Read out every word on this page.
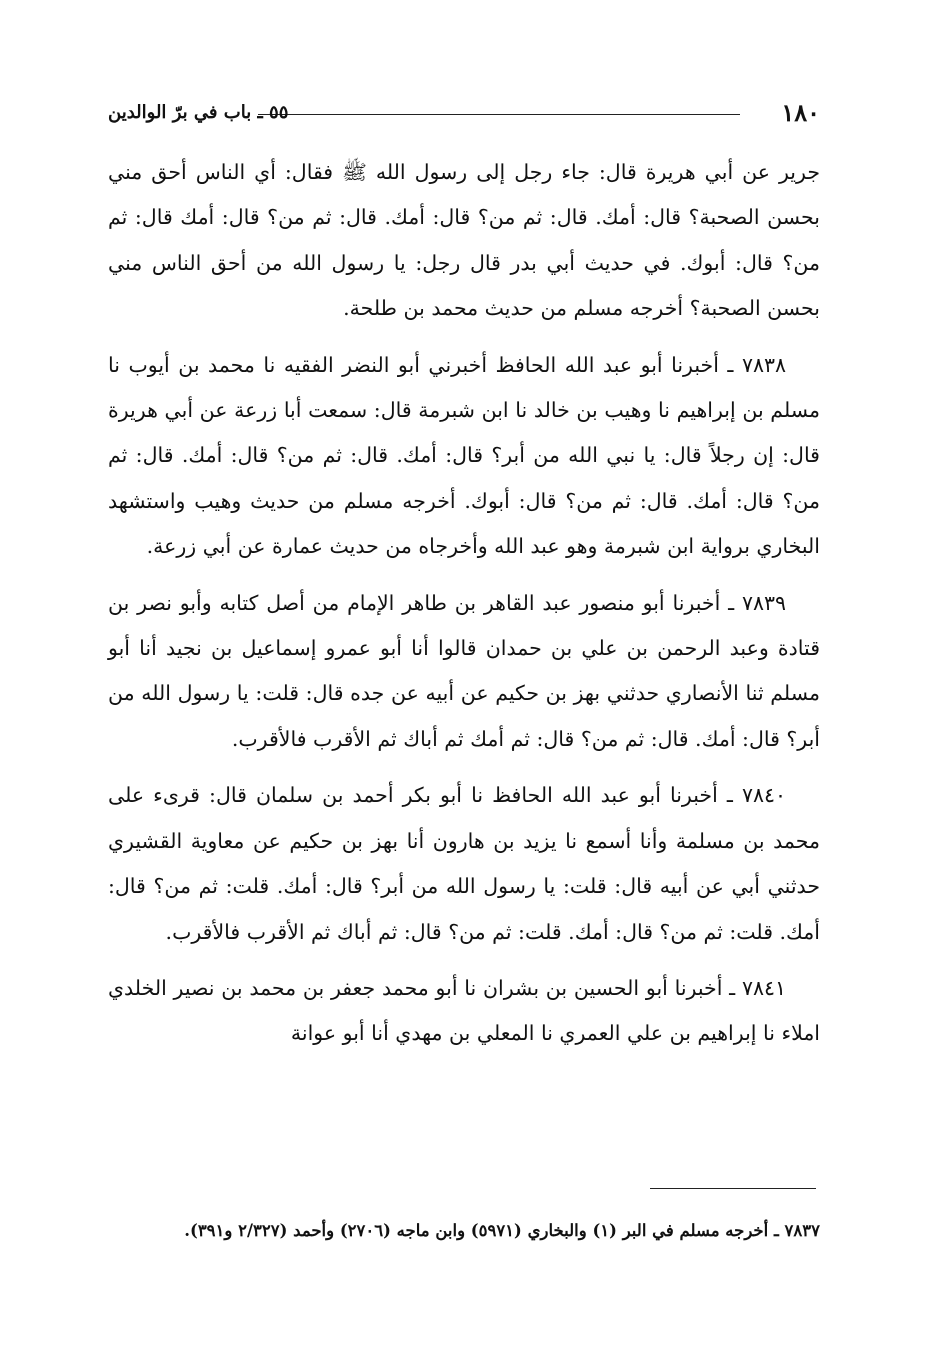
١٨٠
٥٥ ـ باب في برّ الوالدين

جرير عن أبي هريرة قال: جاء رجل إلى رسول الله ﷺ فقال: أي الناس أحق مني بحسن الصحبة؟ قال: أمك. قال: ثم من؟ قال: أمك. قال: ثم من؟ قال: أمك قال: ثم من؟ قال: أبوك. في حديث أبي بدر قال رجل: يا رسول الله من أحق الناس مني بحسن الصحبة؟ أخرجه مسلم من حديث محمد بن طلحة.

٧٨٣٨ ـ أخبرنا أبو عبد الله الحافظ أخبرني أبو النضر الفقيه نا محمد بن أيوب نا مسلم بن إبراهيم نا وهيب بن خالد نا ابن شبرمة قال: سمعت أبا زرعة عن أبي هريرة قال: إن رجلاً قال: يا نبي الله من أبر؟ قال: أمك. قال: ثم من؟ قال: أمك. قال: ثم من؟ قال: أمك. قال: ثم من؟ قال: أبوك. أخرجه مسلم من حديث وهيب واستشهد البخاري برواية ابن شبرمة وهو عبد الله وأخرجاه من حديث عمارة عن أبي زرعة.

٧٨٣٩ ـ أخبرنا أبو منصور عبد القاهر بن طاهر الإمام من أصل كتابه وأبو نصر بن قتادة وعبد الرحمن بن علي بن حمدان قالوا أنا أبو عمرو إسماعيل بن نجيد أنا أبو مسلم ثنا الأنصاري حدثني بهز بن حكيم عن أبيه عن جده قال: قلت: يا رسول الله من أبر؟ قال: أمك. قال: ثم من؟ قال: ثم أمك ثم أباك ثم الأقرب فالأقرب.

٧٨٤٠ ـ أخبرنا أبو عبد الله الحافظ نا أبو بكر أحمد بن سلمان قال: قرىء على محمد بن مسلمة وأنا أسمع نا يزيد بن هارون أنا بهز بن حكيم عن معاوية القشيري حدثني أبي عن أبيه قال: قلت: يا رسول الله من أبر؟ قال: أمك. قلت: ثم من؟ قال: أمك. قلت: ثم من؟ قال: أمك. قلت: ثم من؟ قال: ثم أباك ثم الأقرب فالأقرب.

٧٨٤١ ـ أخبرنا أبو الحسين بن بشران نا أبو محمد جعفر بن محمد بن نصير الخلدي املاء نا إبراهيم بن علي العمري نا المعلي بن مهدي أنا أبو عوانة

٧٨٣٧ ـ أخرجه مسلم في البر (١) والبخاري (٥٩٧١) وابن ماجه (٢٧٠٦) وأحمد (٢/٣٢٧ و٣٩١).
